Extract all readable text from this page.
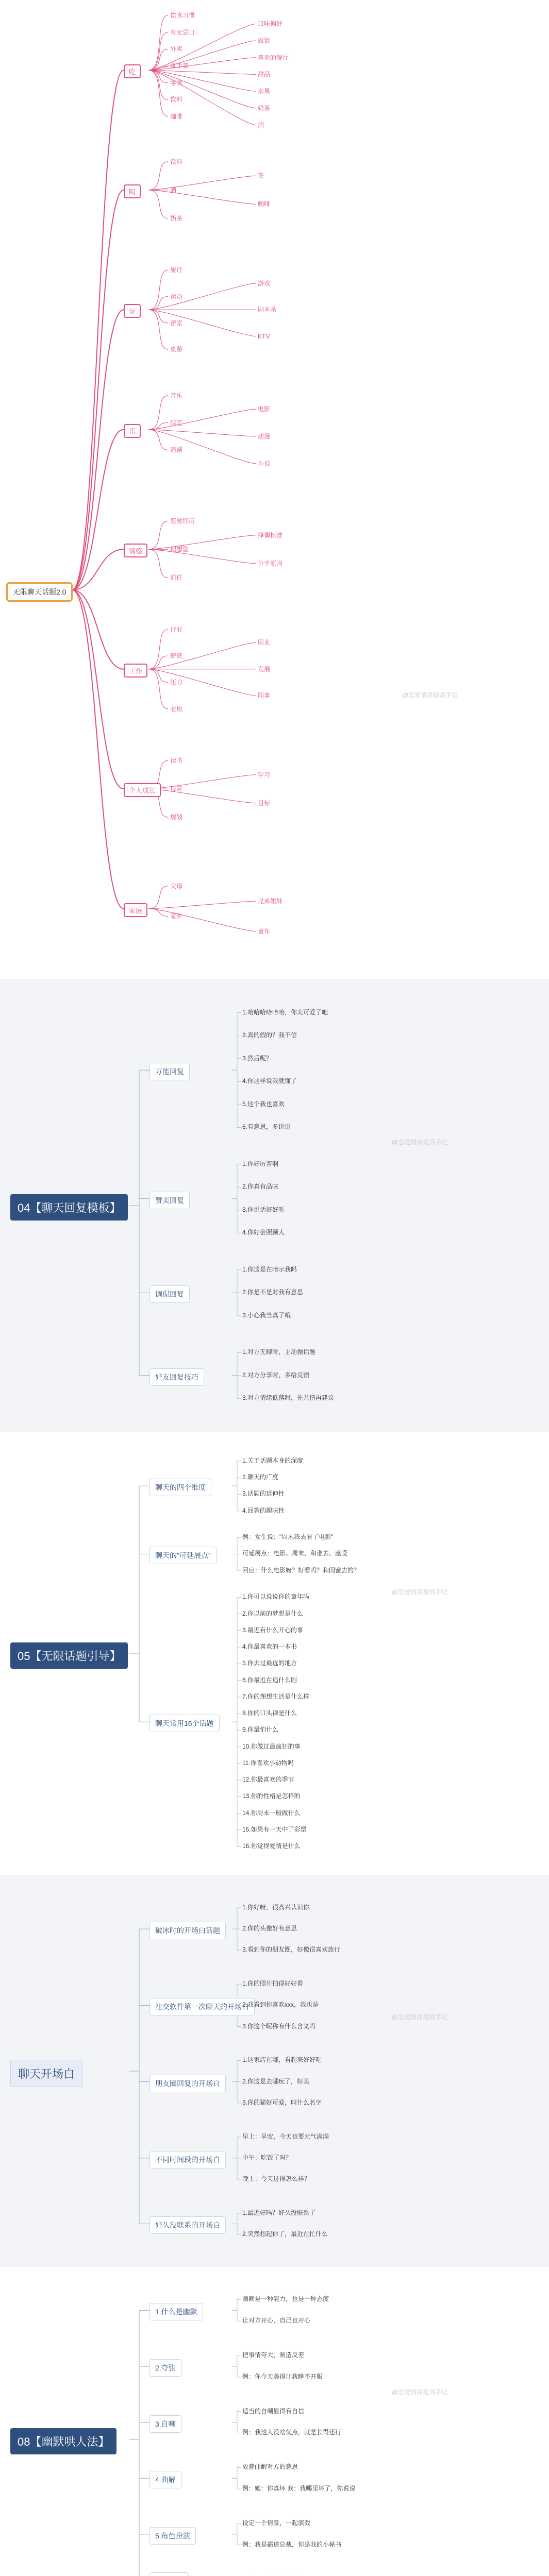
无限聊天话题2.0
吃
饮食习惯
口味偏好
有无忌口
做饭
外卖
喜欢的餐厅
拿手菜
甜品
零食
水果
饮料
奶茶
咖啡
酒
喝
饮料
茶
酒
咖啡
奶茶
玩
旅行
游戏
运动
剧本杀
密室
KTV
桌游
乐
音乐
电影
综艺
动漫
追剧
小说
情感
恋爱经历
择偶标准
理想型
分手原因
前任
工作
行业
职业
薪资
发展
压力
同事
老板
个人成长
读书
学习
技能
目标
规划
家庭
父母
兄弟姐妹
家乡
童年
@恋爱情商提高手记
04【聊天回复模板】
万能回复
1.哈哈哈哈哈哈，你太可爱了吧
2.真的假的？我不信
3.然后呢？
4.你这样说我就懂了
5.这个我也喜欢
6.有意思，多讲讲
赞美回复
1.你好厉害啊
2.你真有品味
3.你说话好好听
4.你好会照顾人
调侃回复
1.你这是在暗示我吗
2.你是不是对我有意思
3.小心我当真了哦
好友回复技巧
1.对方无聊时，主动抛话题
2.对方分享时，多给反馈
3.对方情绪低落时，先共情再建议
@恋爱情商提高手记
05【无限话题引导】
聊天的四个维度
1.关于话题本身的深度
2.聊天的广度
3.话题的延伸性
4.回答的趣味性
聊天的"可延展点"
例：女生说："周末我去看了电影"
可延展点：电影、周末、和谁去、感受
回应：什么电影呀？好看吗？和闺蜜去的？
聊天常用16个话题
1.你可以说说你的童年吗
2.你以前的梦想是什么
3.最近有什么开心的事
4.你最喜欢的一本书
5.你去过最远的地方
6.你最近在追什么剧
7.你的理想生活是什么样
8.你的口头禅是什么
9.你最怕什么
10.你做过最疯狂的事
11.你喜欢小动物吗
12.你最喜欢的季节
13.你的性格是怎样的
14.你周末一般做什么
15.如果有一天中了彩票
16.你觉得爱情是什么
@恋爱情商提高手记
聊天开场白
破冰时的开场白话题
1.你好呀，很高兴认识你
2.你的头像好有意思
3.看到你的朋友圈，好像很喜欢旅行
社交软件第一次聊天的开场白
1.你的照片拍得好好看
2.我看到你喜欢xxx，我也是
3.你这个昵称有什么含义吗
朋友圈回复的开场白
1.这家店在哪，看起来好好吃
2.你这是去哪玩了，好美
3.你的猫好可爱，叫什么名字
不同时间段的开场白
早上：早安，今天也要元气满满
中午：吃饭了吗？
晚上：今天过得怎么样？
好久没联系的开场白
1.最近好吗？好久没联系了
2.突然想起你了，最近在忙什么
@恋爱情商提高手记
08【幽默哄人法】
1.什么是幽默
幽默是一种能力，也是一种态度
让对方开心，自己也开心
2.夸张
把事情夸大，制造反差
例：你今天美得让我睁不开眼
3.自嘲
适当的自嘲显得有自信
例：我这人没啥优点，就是长得还行
4.曲解
故意曲解对方的意思
例：她：你真坏 我：我哪里坏了，你说说
5.角色扮演
设定一个情景，一起演戏
例：我是霸道总裁，你是我的小秘书
@恋爱情商提高手记
